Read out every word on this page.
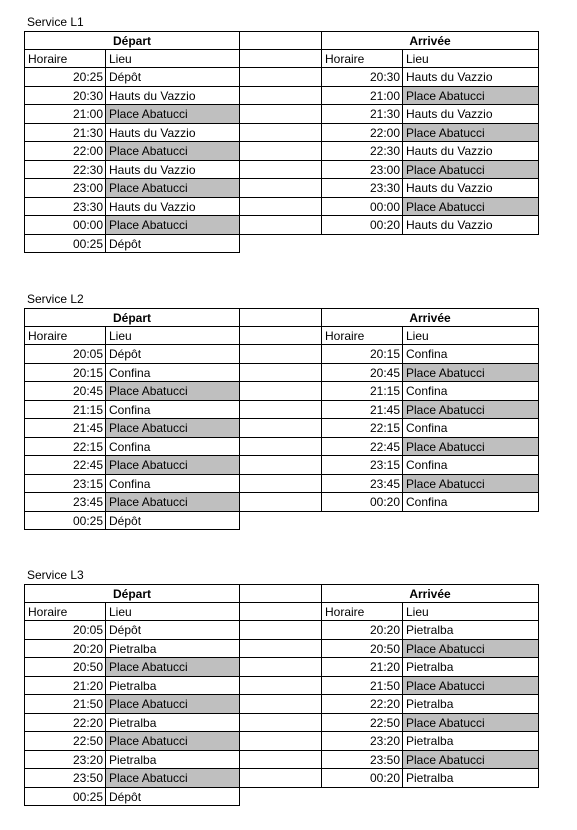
Service L1
Départ	Arrivée
Horaire	Lieu	Horaire	Lieu
20:25 Dépôt	20:30 Hauts du Vazzio
20:30 Hauts du Vazzio	21:00 Place Abatucci
21:00 Place Abatucci	21:30 Hauts du Vazzio
21:30 Hauts du Vazzio	22:00 Place Abatucci
22:00 Place Abatucci	22:30 Hauts du Vazzio
22:30 Hauts du Vazzio	23:00 Place Abatucci
23:00 Place Abatucci	23:30 Hauts du Vazzio
23:30 Hauts du Vazzio	00:00 Place Abatucci
00:00 Place Abatucci	00:20 Hauts du Vazzio
00:25 Dépôt
Service L2
Départ	Arrivée
Horaire	Lieu	Horaire	Lieu
20:05 Dépôt	20:15 Confina
20:15 Confina	20:45 Place Abatucci
20:45 Place Abatucci	21:15 Confina
21:15 Confina	21:45 Place Abatucci
21:45 Place Abatucci	22:15 Confina
22:15 Confina	22:45 Place Abatucci
22:45 Place Abatucci	23:15 Confina
23:15 Confina	23:45 Place Abatucci
23:45 Place Abatucci	00:20 Confina
00:25 Dépôt
Service L3
Départ	Arrivée
Horaire	Lieu	Horaire	Lieu
20:05 Dépôt	20:20 Pietralba
20:20 Pietralba	20:50 Place Abatucci
20:50 Place Abatucci	21:20 Pietralba
21:20 Pietralba	21:50 Place Abatucci
21:50 Place Abatucci	22:20 Pietralba
22:20 Pietralba	22:50 Place Abatucci
22:50 Place Abatucci	23:20 Pietralba
23:20 Pietralba	23:50 Place Abatucci
23:50 Place Abatucci	00:20 Pietralba
00:25 Dépôt
